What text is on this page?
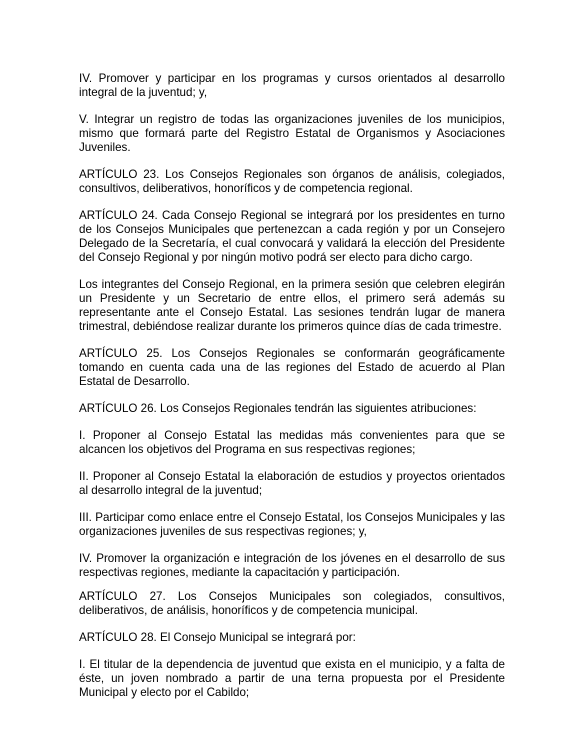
IV. Promover y participar en los programas y cursos orientados al desarrollo integral de la juventud; y,

V. Integrar un registro de todas las organizaciones juveniles de los municipios, mismo que formará parte del Registro Estatal de Organismos y Asociaciones Juveniles.

ARTÍCULO 23. Los Consejos Regionales son órganos de análisis, colegiados, consultivos, deliberativos, honoríficos y de competencia regional.

ARTÍCULO 24. Cada Consejo Regional se integrará por los presidentes en turno de los Consejos Municipales que pertenezcan a cada región y por un Consejero Delegado de la Secretaría, el cual convocará y validará la elección del Presidente del Consejo Regional y por ningún motivo podrá ser electo para dicho cargo.

Los integrantes del Consejo Regional, en la primera sesión que celebren elegirán un Presidente y un Secretario de entre ellos, el primero será además su representante ante el Consejo Estatal. Las sesiones tendrán lugar de manera trimestral, debiéndose realizar durante los primeros quince días de cada trimestre.

ARTÍCULO 25. Los Consejos Regionales se conformarán geográficamente tomando en cuenta cada una de las regiones del Estado de acuerdo al Plan Estatal de Desarrollo.

ARTÍCULO 26. Los Consejos Regionales tendrán las siguientes atribuciones:

I. Proponer al Consejo Estatal las medidas más convenientes para que se alcancen los objetivos del Programa en sus respectivas regiones;

II. Proponer al Consejo Estatal la elaboración de estudios y proyectos orientados al desarrollo integral de la juventud;

III. Participar como enlace entre el Consejo Estatal, los Consejos Municipales y las organizaciones juveniles de sus respectivas regiones; y,

IV. Promover la organización e integración de los jóvenes en el desarrollo de sus respectivas regiones, mediante la capacitación y participación.

ARTÍCULO 27. Los Consejos Municipales son colegiados, consultivos, deliberativos, de análisis, honoríficos y de competencia municipal.

ARTÍCULO 28. El Consejo Municipal se integrará por:

I. El titular de la dependencia de juventud que exista en el municipio, y a falta de éste, un joven nombrado a partir de una terna propuesta por el Presidente Municipal y electo por el Cabildo;
